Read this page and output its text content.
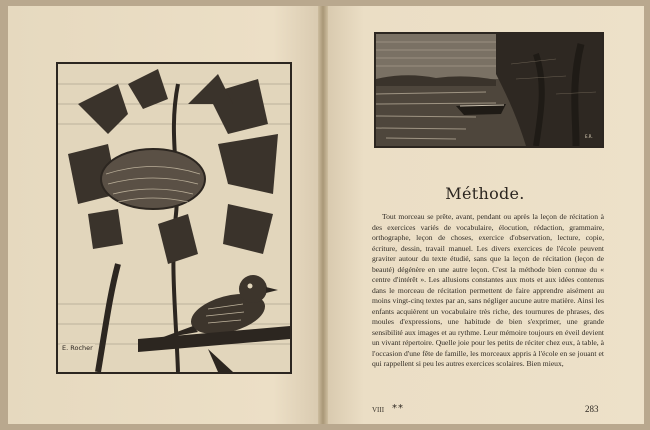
E. Rocher
E.R.
Méthode.
Tout morceau se prête, avant, pendant ou après la leçon de récitation à des exercices variés de vocabulaire, élocution, rédaction, grammaire, orthographe, leçon de choses, exercice d'observation, lecture, copie, écriture, dessin, travail manuel. Les divers exercices de l'école peuvent graviter autour du texte étudié, sans que la leçon de récitation (leçon de beauté) dégénère en une autre leçon. C'est la méthode bien connue du « centre d'intérêt ». Les allusions constantes aux mots et aux idées contenus dans le morceau de récitation permettent de faire apprendre aisément au moins vingt-cinq textes par an, sans négliger aucune autre matière. Ainsi les enfants acquièrent un vocabulaire très riche, des tournures de phrases, des moules d'expressions, une habitude de bien s'exprimer, une grande sensibilité aux images et au rythme. Leur mémoire toujours en éveil devient un vivant répertoire. Quelle joie pour les petits de réciter chez eux, à table, à l'occasion d'une fête de famille, les morceaux appris à l'école en se jouant et qui rappellent si peu les autres exercices scolaires. Bien mieux,
VIII **	283
